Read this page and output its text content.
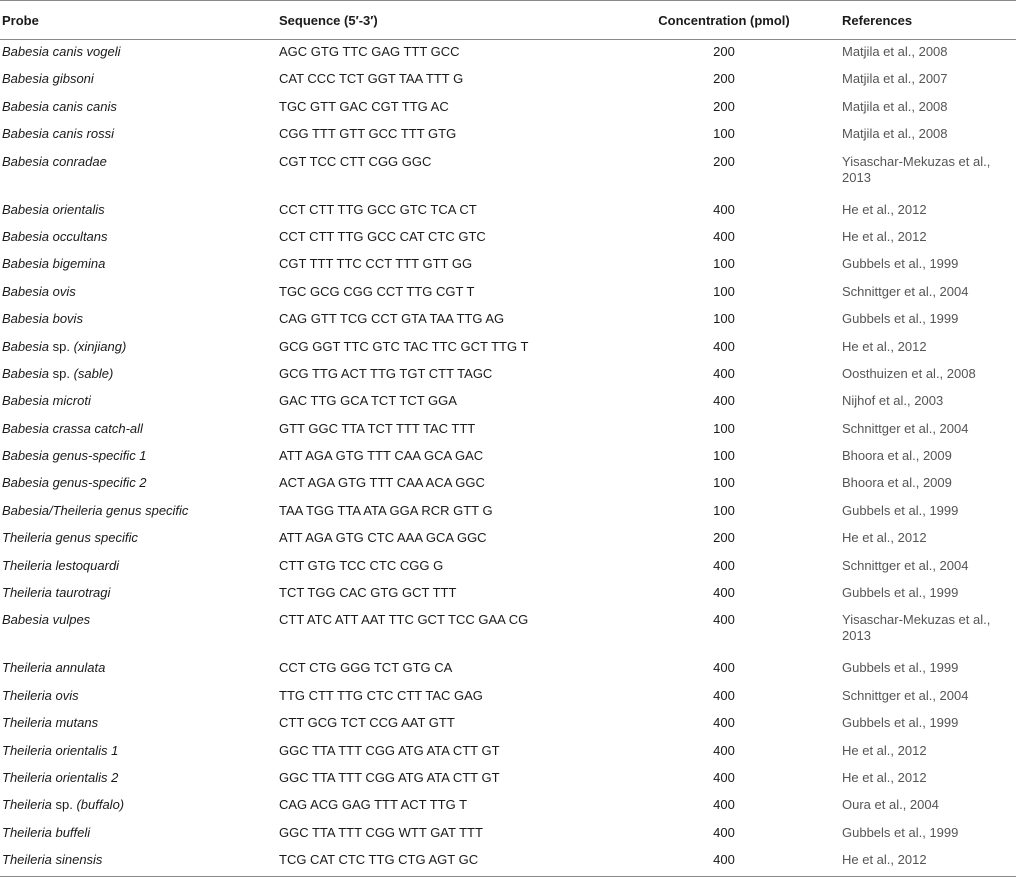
Probe	Sequence (5′-3′)	Concentration (pmol)	References
Babesia canis vogeli	AGC GTG TTC GAG TTT GCC	200	Matjila et al., 2008
Babesia gibsoni	CAT CCC TCT GGT TAA TTT G	200	Matjila et al., 2007
Babesia canis canis	TGC GTT GAC CGT TTG AC	200	Matjila et al., 2008
Babesia canis rossi	CGG TTT GTT GCC TTT GTG	100	Matjila et al., 2008
Babesia conradae	CGT TCC CTT CGG GGC	200	Yisaschar-Mekuzas et al., 2013
Babesia orientalis	CCT CTT TTG GCC GTC TCA CT	400	He et al., 2012
Babesia occultans	CCT CTT TTG GCC CAT CTC GTC	400	He et al., 2012
Babesia bigemina	CGT TTT TTC CCT TTT GTT GG	100	Gubbels et al., 1999
Babesia ovis	TGC GCG CGG CCT TTG CGT T	100	Schnittger et al., 2004
Babesia bovis	CAG GTT TCG CCT GTA TAA TTG AG	100	Gubbels et al., 1999
Babesia sp. (xinjiang)	GCG GGT TTC GTC TAC TTC GCT TTG T	400	He et al., 2012
Babesia sp. (sable)	GCG TTG ACT TTG TGT CTT TAGC	400	Oosthuizen et al., 2008
Babesia microti	GAC TTG GCA TCT TCT GGA	400	Nijhof et al., 2003
Babesia crassa catch-all	GTT GGC TTA TCT TTT TAC TTT	100	Schnittger et al., 2004
Babesia genus-specific 1	ATT AGA GTG TTT CAA GCA GAC	100	Bhoora et al., 2009
Babesia genus-specific 2	ACT AGA GTG TTT CAA ACA GGC	100	Bhoora et al., 2009
Babesia/Theileria genus specific	TAA TGG TTA ATA GGA RCR GTT G	100	Gubbels et al., 1999
Theileria genus specific	ATT AGA GTG CTC AAA GCA GGC	200	He et al., 2012
Theileria lestoquardi	CTT GTG TCC CTC CGG G	400	Schnittger et al., 2004
Theileria taurotragi	TCT TGG CAC GTG GCT TTT	400	Gubbels et al., 1999
Babesia vulpes	CTT ATC ATT AAT TTC GCT TCC GAA CG	400	Yisaschar-Mekuzas et al., 2013
Theileria annulata	CCT CTG GGG TCT GTG CA	400	Gubbels et al., 1999
Theileria ovis	TTG CTT TTG CTC CTT TAC GAG	400	Schnittger et al., 2004
Theileria mutans	CTT GCG TCT CCG AAT GTT	400	Gubbels et al., 1999
Theileria orientalis 1	GGC TTA TTT CGG ATG ATA CTT GT	400	He et al., 2012
Theileria orientalis 2	GGC TTA TTT CGG ATG ATA CTT GT	400	He et al., 2012
Theileria sp. (buffalo)	CAG ACG GAG TTT ACT TTG T	400	Oura et al., 2004
Theileria buffeli	GGC TTA TTT CGG WTT GAT TTT	400	Gubbels et al., 1999
Theileria sinensis	TCG CAT CTC TTG CTG AGT GC	400	He et al., 2012
